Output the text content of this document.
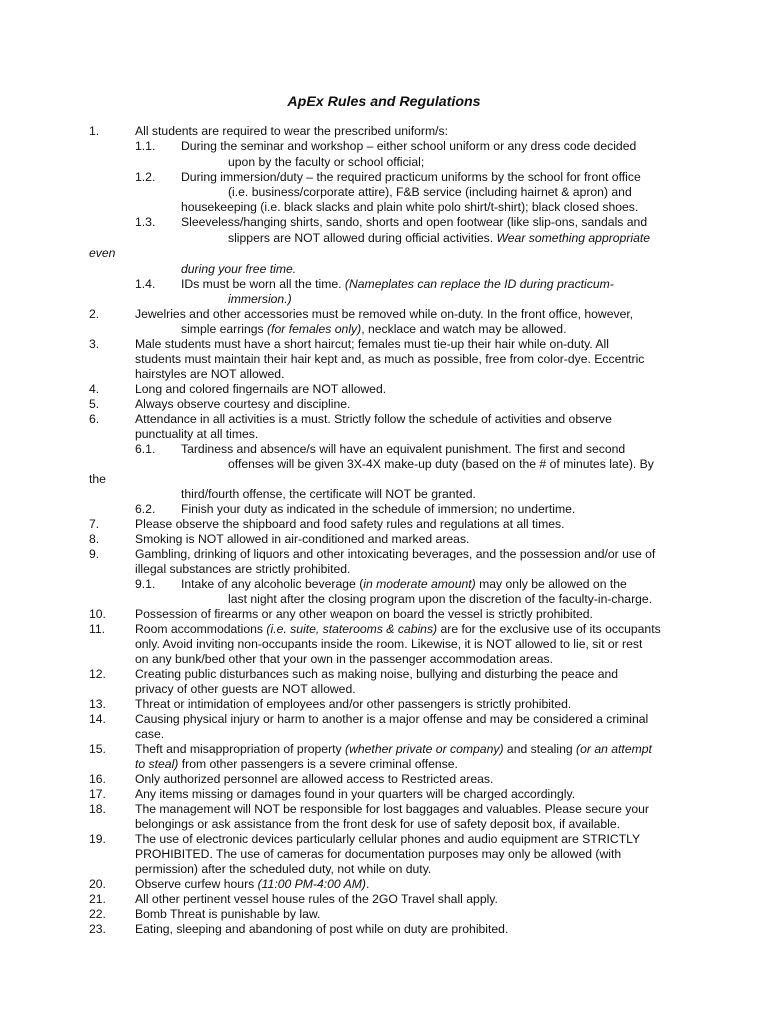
ApEx Rules and Regulations
1.	All students are required to wear the prescribed uniform/s:
1.1. During the seminar and workshop – either school uniform or any dress code decided
upon by the faculty or school official;
1.2. During immersion/duty – the required practicum uniforms by the school for front office
(i.e. business/corporate attire), F&B service (including hairnet & apron) and
housekeeping (i.e. black slacks and plain white polo shirt/t-shirt); black closed shoes.
1.3. Sleeveless/hanging shirts, sando, shorts and open footwear (like slip-ons, sandals and
slippers are NOT allowed during official activities. Wear something appropriate
even
during your free time.
1.4. IDs must be worn all the time. (Nameplates can replace the ID during practicum-
immersion.)
2.	Jewelries and other accessories must be removed while on-duty. In the front office, however,
simple earrings (for females only), necklace and watch may be allowed.
3.	Male students must have a short haircut; females must tie-up their hair while on-duty. All
students must maintain their hair kept and, as much as possible, free from color-dye. Eccentric
hairstyles are NOT allowed.
4.	Long and colored fingernails are NOT allowed.
5.	Always observe courtesy and discipline.
6.	Attendance in all activities is a must. Strictly follow the schedule of activities and observe
punctuality at all times.
6.1. Tardiness and absence/s will have an equivalent punishment. The first and second
offenses will be given 3X-4X make-up duty (based on the # of minutes late). By
the
third/fourth offense, the certificate will NOT be granted.
6.2. Finish your duty as indicated in the schedule of immersion; no undertime.
7.	Please observe the shipboard and food safety rules and regulations at all times.
8.	Smoking is NOT allowed in air-conditioned and marked areas.
9.	Gambling, drinking of liquors and other intoxicating beverages, and the possession and/or use of
illegal substances are strictly prohibited.
9.1. Intake of any alcoholic beverage (in moderate amount) may only be allowed on the
last night after the closing program upon the discretion of the faculty-in-charge.
10. Possession of firearms or any other weapon on board the vessel is strictly prohibited.
11. Room accommodations (i.e. suite, staterooms & cabins) are for the exclusive use of its occupants
only. Avoid inviting non-occupants inside the room. Likewise, it is NOT allowed to lie, sit or rest
on any bunk/bed other that your own in the passenger accommodation areas.
12. Creating public disturbances such as making noise, bullying and disturbing the peace and
privacy of other guests are NOT allowed.
13. Threat or intimidation of employees and/or other passengers is strictly prohibited.
14. Causing physical injury or harm to another is a major offense and may be considered a criminal
case.
15. Theft and misappropriation of property (whether private or company) and stealing (or an attempt
to steal) from other passengers is a severe criminal offense.
16. Only authorized personnel are allowed access to Restricted areas.
17. Any items missing or damages found in your quarters will be charged accordingly.
18. The management will NOT be responsible for lost baggages and valuables. Please secure your
belongings or ask assistance from the front desk for use of safety deposit box, if available.
19. The use of electronic devices particularly cellular phones and audio equipment are STRICTLY
PROHIBITED. The use of cameras for documentation purposes may only be allowed (with
permission) after the scheduled duty, not while on duty.
20. Observe curfew hours (11:00 PM-4:00 AM).
21. All other pertinent vessel house rules of the 2GO Travel shall apply.
22. Bomb Threat is punishable by law.
23. Eating, sleeping and abandoning of post while on duty are prohibited.
